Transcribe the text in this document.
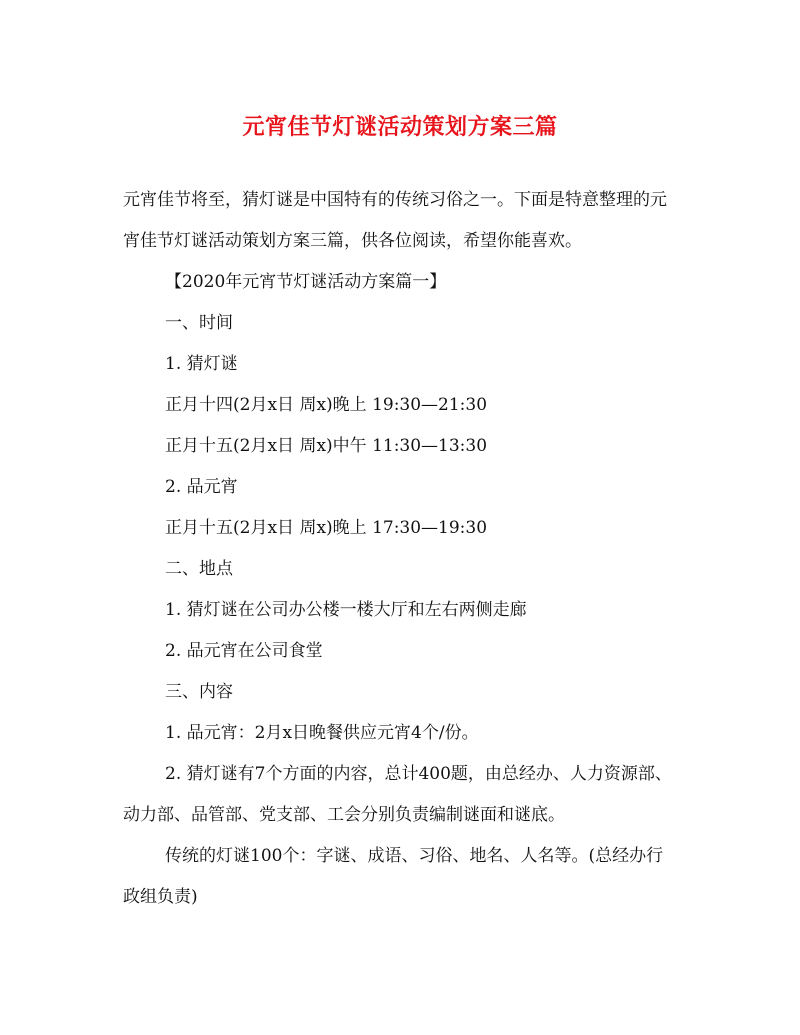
元宵佳节灯谜活动策划方案三篇

元宵佳节将至，猜灯谜是中国特有的传统习俗之一。下面是特意整理的元宵佳节灯谜活动策划方案三篇，供各位阅读，希望你能喜欢。

【2020年元宵节灯谜活动方案篇一】

一、时间

1. 猜灯谜

正月十四(2月x日 周x)晚上 19:30—21:30

正月十五(2月x日 周x)中午 11:30—13:30

2. 品元宵

正月十五(2月x日 周x)晚上 17:30—19:30

二、地点

1. 猜灯谜在公司办公楼一楼大厅和左右两侧走廊

2. 品元宵在公司食堂

三、内容

1. 品元宵：2月x日晚餐供应元宵4个/份。

2. 猜灯谜有7个方面的内容，总计400题，由总经办、人力资源部、动力部、品管部、党支部、工会分别负责编制谜面和谜底。

传统的灯谜100个：字谜、成语、习俗、地名、人名等。(总经办行政组负责)
